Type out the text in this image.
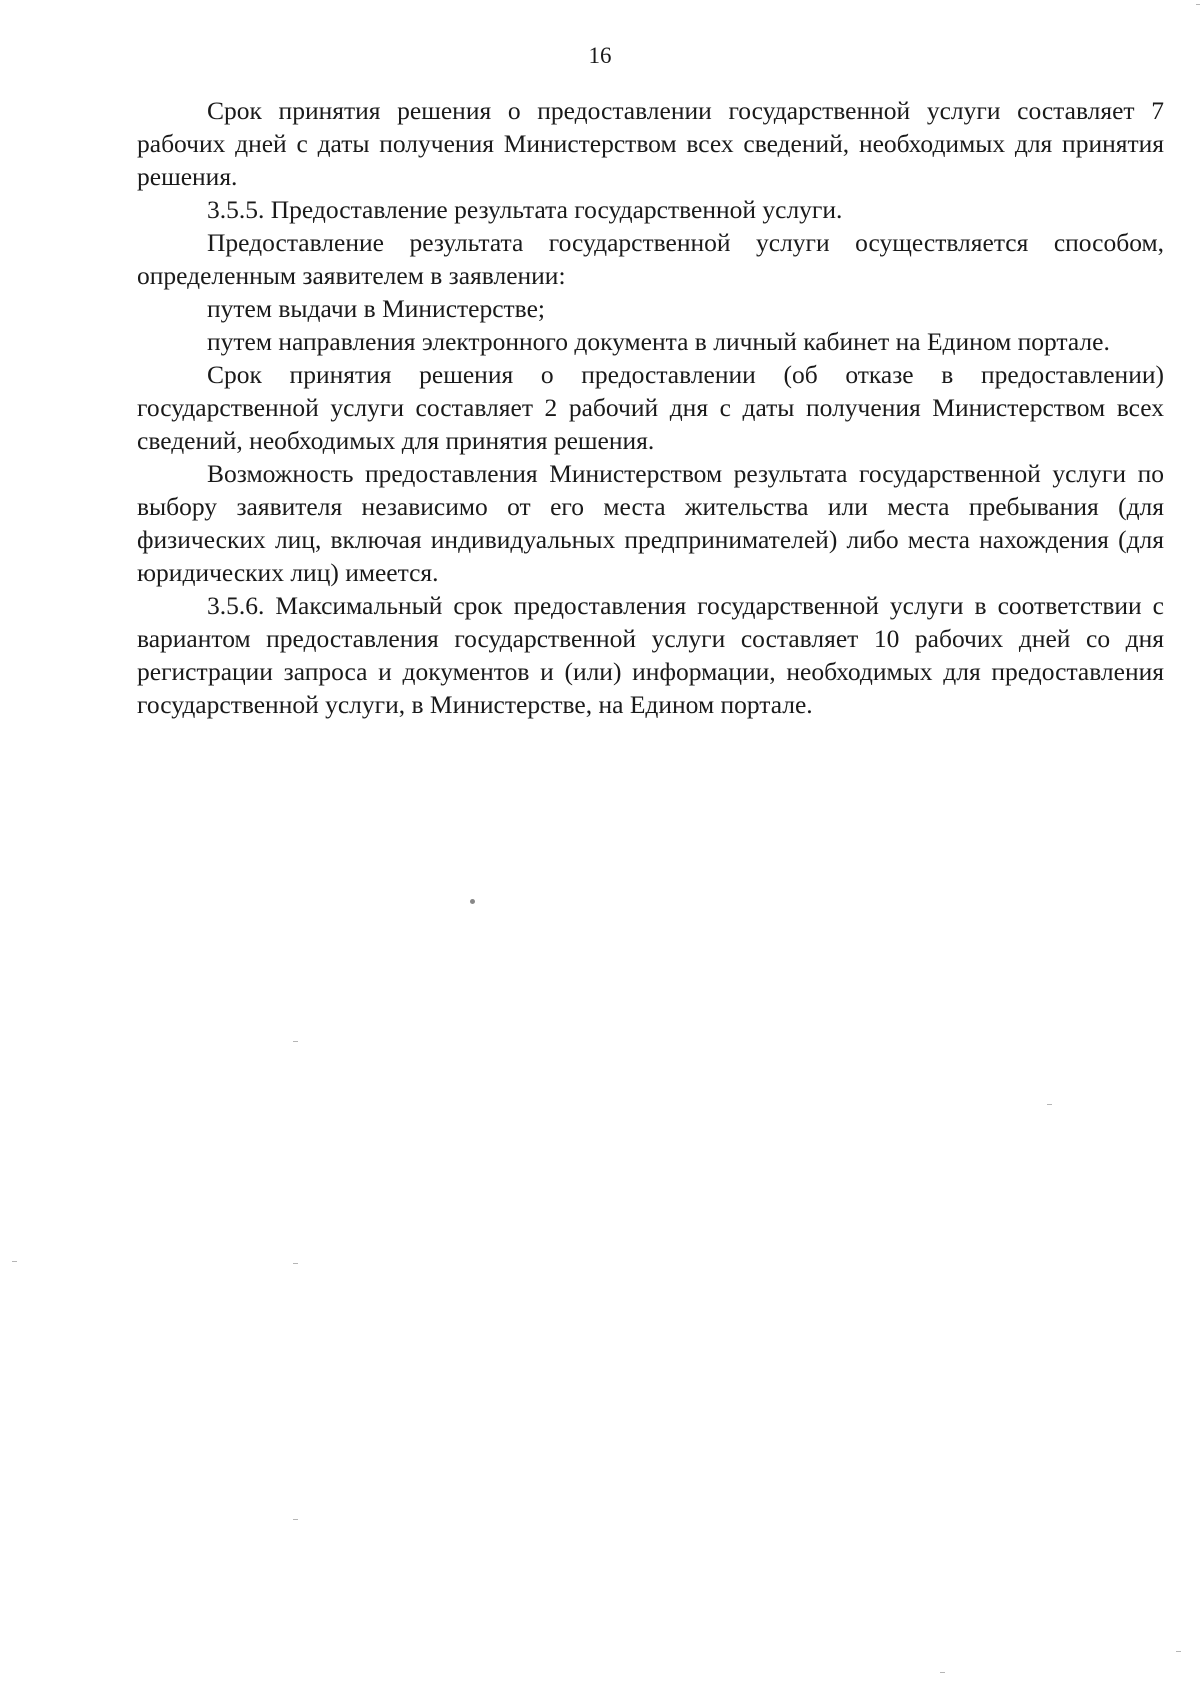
16

Срок принятия решения о предоставлении государственной услуги составляет 7 рабочих дней с даты получения Министерством всех сведений, необходимых для принятия решения.

3.5.5. Предоставление результата государственной услуги.

Предоставление результата государственной услуги осуществляется способом, определенным заявителем в заявлении:

путем выдачи в Министерстве;

путем направления электронного документа в личный кабинет на Едином портале.

Срок принятия решения о предоставлении (об отказе в предоставлении) государственной услуги составляет 2 рабочий дня с даты получения Министерством всех сведений, необходимых для принятия решения.

Возможность предоставления Министерством результата государственной услуги по выбору заявителя независимо от его места жительства или места пребывания (для физических лиц, включая индивидуальных предпринимателей) либо места нахождения (для юридических лиц) имеется.

3.5.6. Максимальный срок предоставления государственной услуги в соответствии с вариантом предоставления государственной услуги составляет 10 рабочих дней со дня регистрации запроса и документов и (или) информации, необходимых для предоставления государственной услуги, в Министерстве, на Едином портале.
